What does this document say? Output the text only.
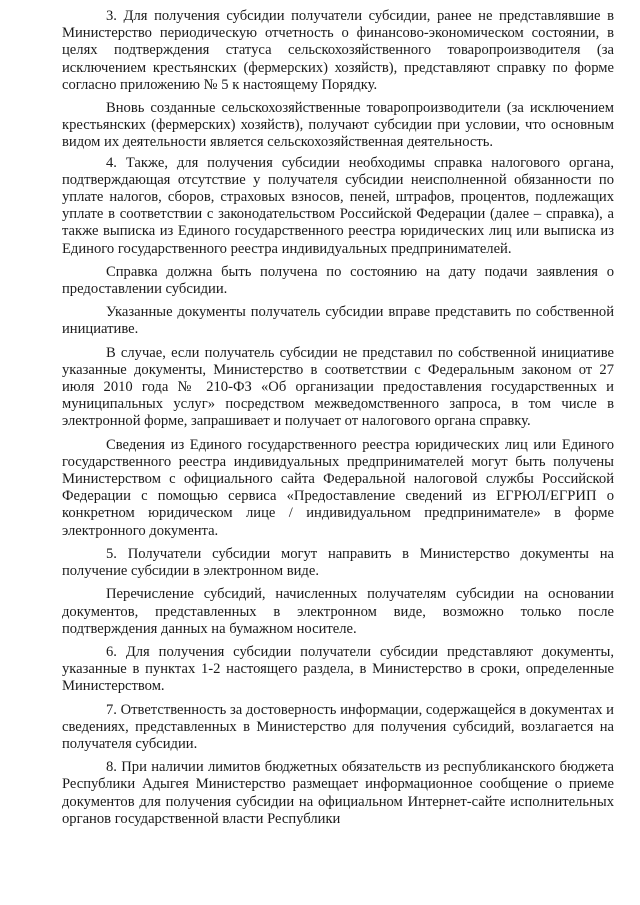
3. Для получения субсидии получатели субсидии, ранее не представлявшие в Министерство периодическую отчетность о финансово-экономическом состоянии, в целях подтверждения статуса сельскохозяйственного товаропроизводителя (за исключением крестьянских (фермерских) хозяйств), представляют справку по форме согласно приложению № 5 к настоящему Порядку.

Вновь созданные сельскохозяйственные товаропроизводители (за исключением крестьянских (фермерских) хозяйств), получают субсидии при условии, что основным видом их деятельности является сельскохозяйственная деятельность.

4. Также, для получения субсидии необходимы справка налогового органа, подтверждающая отсутствие у получателя субсидии неисполненной обязанности по уплате налогов, сборов, страховых взносов, пеней, штрафов, процентов, подлежащих уплате в соответствии с законодательством Российской Федерации (далее – справка), а также выписка из Единого государственного реестра юридических лиц или выписка из Единого государственного реестра индивидуальных предпринимателей.

Справка должна быть получена по состоянию на дату подачи заявления о предоставлении субсидии.

Указанные документы получатель субсидии вправе представить по собственной инициативе.

В случае, если получатель субсидии не представил по собственной инициативе указанные документы, Министерство в соответствии с Федеральным законом от 27 июля 2010 года № 210-ФЗ «Об организации предоставления государственных и муниципальных услуг» посредством межведомственного запроса, в том числе в электронной форме, запрашивает и получает от налогового органа справку.

Сведения из Единого государственного реестра юридических лиц или Единого государственного реестра индивидуальных предпринимателей могут быть получены Министерством с официального сайта Федеральной налоговой службы Российской Федерации с помощью сервиса «Предоставление сведений из ЕГРЮЛ/ЕГРИП о конкретном юридическом лице / индивидуальном предпринимателе» в форме электронного документа.

5. Получатели субсидии могут направить в Министерство документы на получение субсидии в электронном виде.

Перечисление субсидий, начисленных получателям субсидии на основании документов, представленных в электронном виде, возможно только после подтверждения данных на бумажном носителе.

6. Для получения субсидии получатели субсидии представляют документы, указанные в пунктах 1-2 настоящего раздела, в Министерство в сроки, определенные Министерством.

7. Ответственность за достоверность информации, содержащейся в документах и сведениях, представленных в Министерство для получения субсидий, возлагается на получателя субсидии.

8. При наличии лимитов бюджетных обязательств из республиканского бюджета Республики Адыгея Министерство размещает информационное сообщение о приеме документов для получения субсидии на официальном Интернет-сайте исполнительных органов государственной власти Республики
